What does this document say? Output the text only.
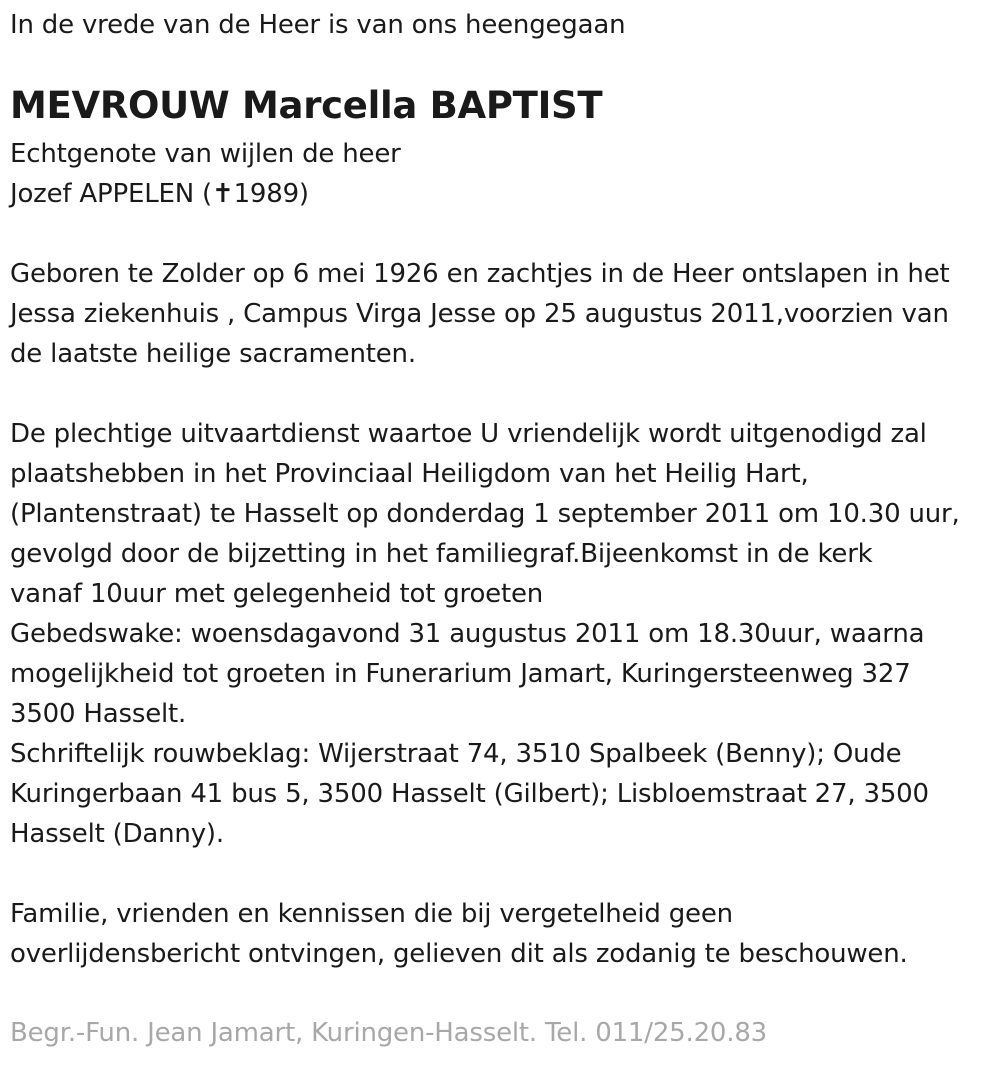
In de vrede van de Heer is van ons heengegaan
MEVROUW Marcella BAPTIST
Echtgenote van wijlen de heer
Jozef APPELEN (✝1989)
Geboren te Zolder op 6 mei 1926 en zachtjes in de Heer ontslapen in het
Jessa ziekenhuis , Campus Virga Jesse op 25 augustus 2011,voorzien van
de laatste heilige sacramenten.
De plechtige uitvaartdienst waartoe U vriendelijk wordt uitgenodigd zal
plaatshebben in het Provinciaal Heiligdom van het Heilig Hart,
(Plantenstraat) te Hasselt op donderdag 1 september 2011 om 10.30 uur,
gevolgd door de bijzetting in het familiegraf.Bijeenkomst in de kerk
vanaf 10uur met gelegenheid tot groeten
Gebedswake: woensdagavond 31 augustus 2011 om 18.30uur, waarna
mogelijkheid tot groeten in Funerarium Jamart, Kuringersteenweg 327
3500 Hasselt.
Schriftelijk rouwbeklag: Wijerstraat 74, 3510 Spalbeek (Benny); Oude
Kuringerbaan 41 bus 5, 3500 Hasselt (Gilbert); Lisbloemstraat 27, 3500
Hasselt (Danny).
Familie, vrienden en kennissen die bij vergetelheid geen
overlijdensbericht ontvingen, gelieven dit als zodanig te beschouwen.
Begr.-Fun. Jean Jamart, Kuringen-Hasselt. Tel. 011/25.20.83
